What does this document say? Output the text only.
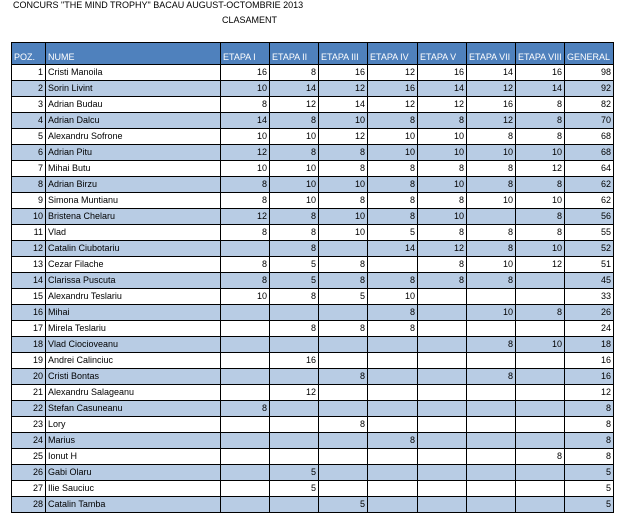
CONCURS "THE MIND TROPHY" BACAU AUGUST-OCTOMBRIE 2013
CLASAMENT
POZ.	NUME	ETAPA I	ETAPA II	ETAPA III	ETAPA IV	ETAPA V	ETAPA VII	ETAPA VIII	GENERAL
1	Cristi Manoila	16	8	16	12	16	14	16	98
2	Sorin Livint	10	14	12	16	14	12	14	92
3	Adrian Budau	8	12	14	12	12	16	8	82
4	Adrian Dalcu	14	8	10	8	8	12	8	70
5	Alexandru Sofrone	10	10	12	10	10	8	8	68
6	Adrian Pitu	12	8	8	10	10	10	10	68
7	Mihai Butu	10	10	8	8	8	8	12	64
8	Adrian Birzu	8	10	10	8	10	8	8	62
9	Simona Muntianu	8	10	8	8	8	10	10	62
10	Bristena Chelaru	12	8	10	8	10		8	56
11	Vlad	8	8	10	5	8	8	8	55
12	Catalin Ciubotariu		8		14	12	8	10	52
13	Cezar Filache	8	5	8		8	10	12	51
14	Clarissa Puscuta	8	5	8	8	8	8		45
15	Alexandru Teslariu	10	8	5	10				33
16	Mihai				8		10	8	26
17	Mirela Teslariu		8	8	8				24
18	Vlad Ciocioveanu						8	10	18
19	Andrei Calinciuc		16						16
20	Cristi Bontas			8			8		16
21	Alexandru Salageanu		12						12
22	Stefan Casuneanu	8							8
23	Lory			8					8
24	Marius				8				8
25	Ionut H							8	8
26	Gabi Olaru		5						5
27	Ilie Sauciuc		5						5
28	Catalin Tamba			5					5
